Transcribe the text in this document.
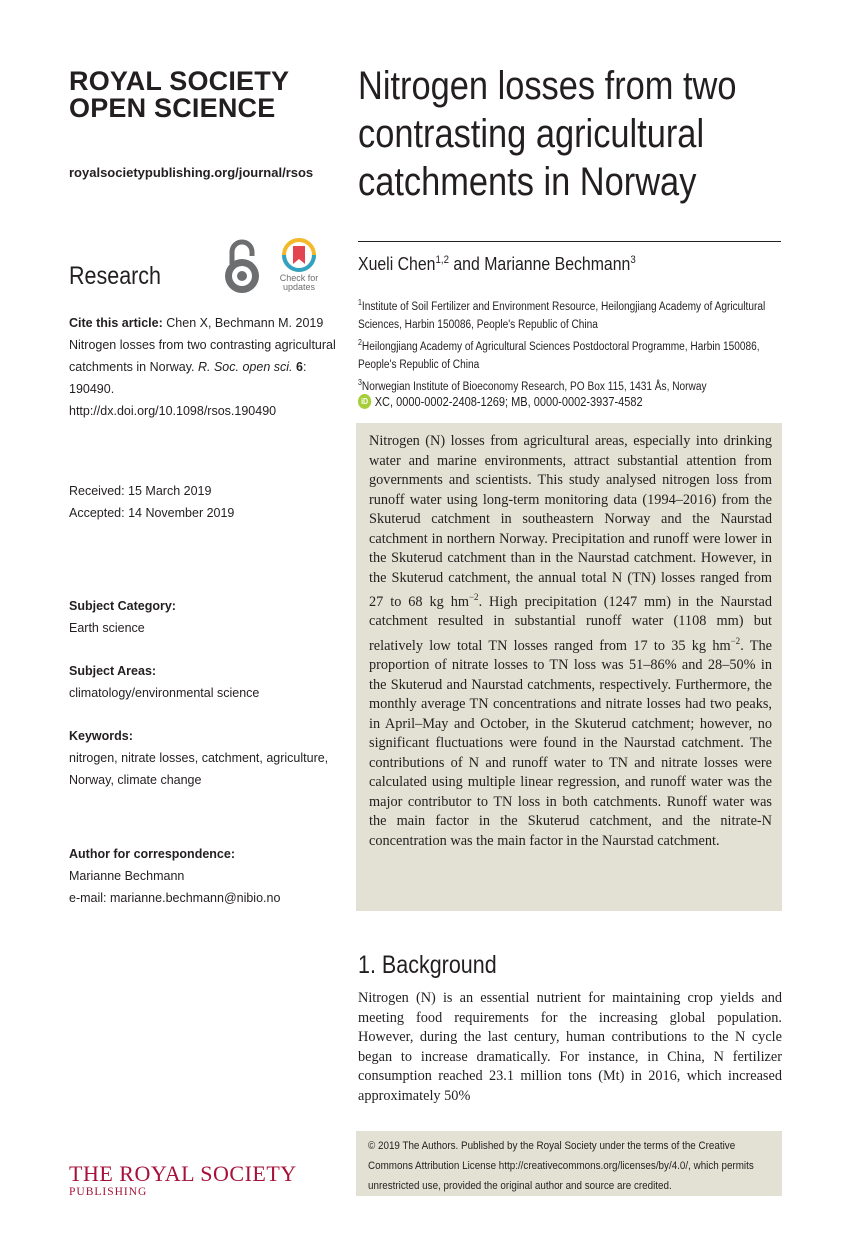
ROYAL SOCIETY
OPEN SCIENCE
royalsocietypublishing.org/journal/rsos
Research	Check for
updates
Cite this article: Chen X, Bechmann M. 2019
Nitrogen losses from two contrasting agricultural
catchments in Norway. R. Soc. open sci. 6:
190490.
http://dx.doi.org/10.1098/rsos.190490
Received: 15 March 2019
Accepted: 14 November 2019
Subject Category:
Earth science
Subject Areas:
climatology/environmental science
Keywords:
nitrogen, nitrate losses, catchment, agriculture,
Norway, climate change
Author for correspondence:
Marianne Bechmann
e-mail: marianne.bechmann@nibio.no
THE ROYAL SOCIETY
PUBLISHING
Nitrogen losses from two
contrasting agricultural
catchments in Norway
Xueli Chen$^{1,2}$ and Marianne Bechmann$^3$
$^1$Institute of Soil Fertilizer and Environment Resource, Heilongjiang Academy of Agricultural
Sciences, Harbin 150086, People's Republic of China
$^2$Heilongjiang Academy of Agricultural Sciences Postdoctoral Programme, Harbin 150086,
People's Republic of China
$^3$Norwegian Institute of Bioeconomy Research, PO Box 115, 1431 Ås, Norway
iD XC, 0000-0002-2408-1269; MB, 0000-0002-3937-4582
Nitrogen (N) losses from agricultural areas, especially into drinking water and marine environments, attract substantial attention from governments and scientists. This study analysed nitrogen loss from runoff water using long-term monitoring data (1994–2016) from the Skuterud catchment in southeastern Norway and the Naurstad catchment in northern Norway. Precipitation and runoff were lower in the Skuterud catchment than in the Naurstad catchment. However, in the Skuterud catchment, the annual total N (TN) losses ranged from 27 to 68 kg $hm^{-2}$. High precipitation (1247 mm) in the Naurstad catchment resulted in substantial runoff water (1108 mm) but relatively low total TN losses ranged from 17 to 35 kg $hm^{-2}$. The proportion of nitrate losses to TN loss was 51–86% and 28–50% in the Skuterud and Naurstad catchments, respectively. Furthermore, the monthly average TN concentrations and nitrate losses had two peaks, in April–May and October, in the Skuterud catchment; however, no significant fluctuations were found in the Naurstad catchment. The contributions of N and runoff water to TN and nitrate losses were calculated using multiple linear regression, and runoff water was the major contributor to TN loss in both catchments. Runoff water was the main factor in the Skuterud catchment, and the nitrate-N concentration was the main factor in the Naurstad catchment.
1. Background
Nitrogen (N) is an essential nutrient for maintaining crop yields and meeting food requirements for the increasing global population. However, during the last century, human contributions to the N cycle began to increase dramatically. For instance, in China, N fertilizer consumption reached 23.1 million tons (Mt) in 2016, which increased approximately 50%
© 2019 The Authors. Published by the Royal Society under the terms of the Creative
Commons Attribution License http://creativecommons.org/licenses/by/4.0/, which permits
unrestricted use, provided the original author and source are credited.
